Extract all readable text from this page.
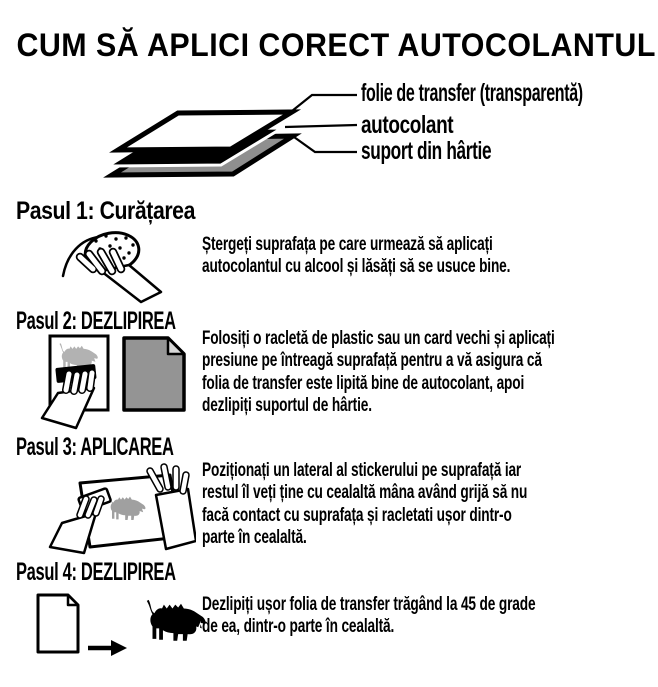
CUM SĂ APLICI CORECT AUTOCOLANTUL
folie de transfer (transparentă)
autocolant
suport din hârtie
Pasul 1: Curățarea
Ștergeți suprafața pe care urmează să aplicați
autocolantul cu alcool și lăsăți să se usuce bine.
Pasul 2: DEZLIPIREA
Folosiți o racletă de plastic sau un card vechi și aplicați
presiune pe întreagă suprafață pentru a vă asigura că
folia de transfer este lipită bine de autocolant, apoi
dezlipiți suportul de hârtie.
Pasul 3: APLICAREA
Poziționați un lateral al stickerului pe suprafață iar
restul îl veți ține cu cealaltă mâna având grijă să nu
facă contact cu suprafața și racletati ușor dintr-o
parte în cealaltă.
Pasul 4: DEZLIPIREA
Dezlipiți ușor folia de transfer trăgând la 45 de grade
de ea, dintr-o parte în cealaltă.
